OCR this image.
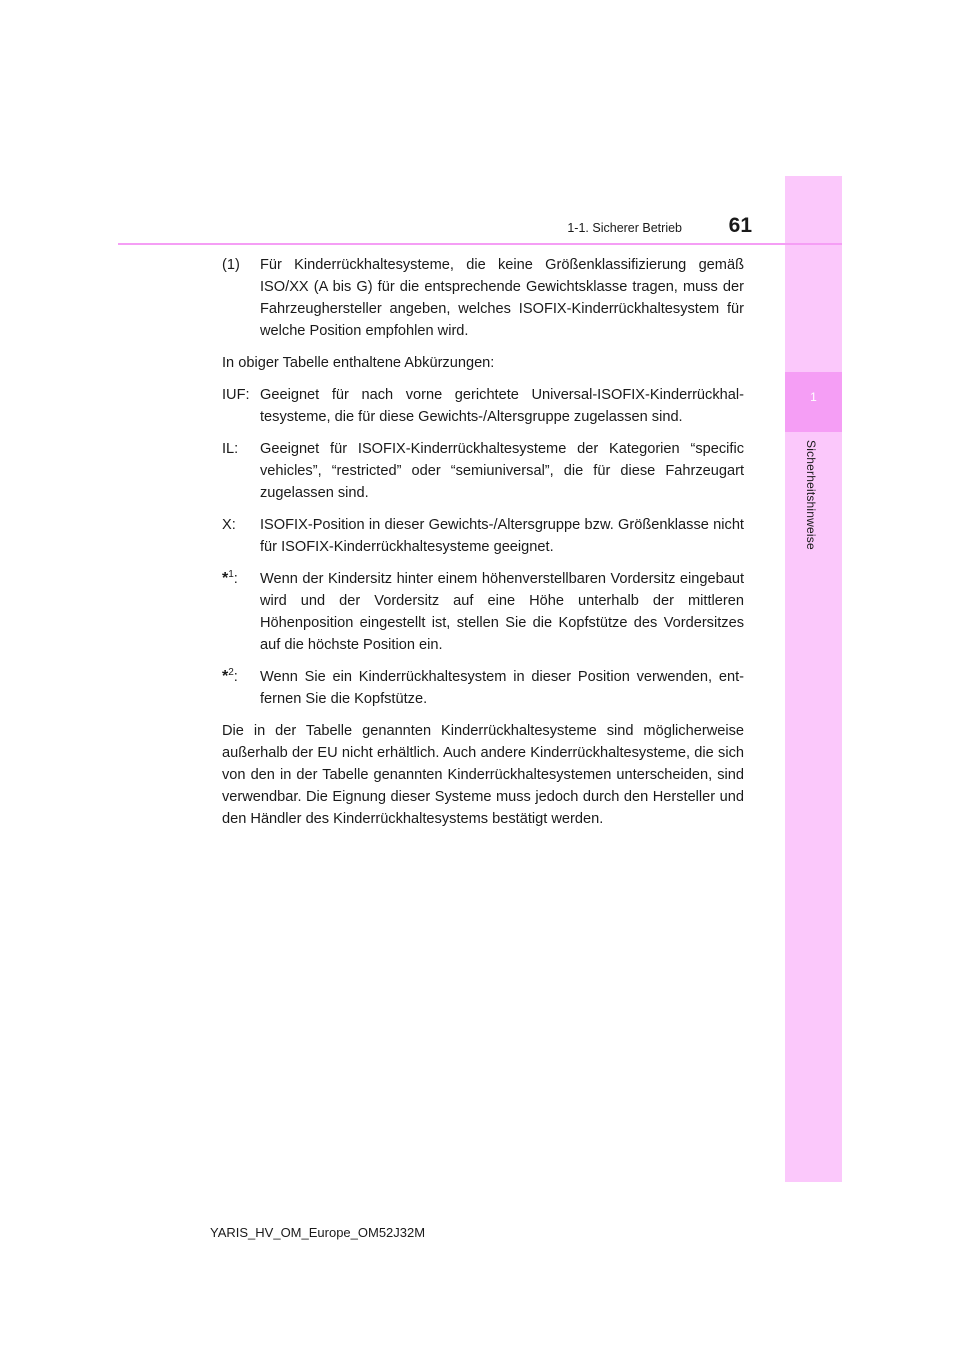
1
Sicherheitshinweise
1-1. Sicherer Betrieb	61
(1)	Für Kinderrückhaltesysteme, die keine Größenklassifizierung gemäß ISO/XX (A bis G) für die entsprechende Gewichtsklasse tragen, muss der Fahrzeughersteller angeben, welches ISOFIX-Kinderrückhaltesystem für welche Position empfohlen wird.

In obiger Tabelle enthaltene Abkürzungen:

IUF: Geeignet für nach vorne gerichtete Universal-ISOFIX-Kinderrückhaltesysteme, die für diese Gewichts-/Altersgruppe zugelassen sind.
IL:	Geeignet für ISOFIX-Kinderrückhaltesysteme der Kategorien “specific vehicles”, “restricted” oder “semiuniversal”, die für diese Fahrzeugart zugelassen sind.
X:	ISOFIX-Position in dieser Gewichts-/Altersgruppe bzw. Größenklasse nicht für ISOFIX-Kinderrückhaltesysteme geeignet.
*$^1$:	Wenn der Kindersitz hinter einem höhenverstellbaren Vordersitz eingebaut wird und der Vordersitz auf eine Höhe unterhalb der mittleren Höhenposition eingestellt ist, stellen Sie die Kopfstütze des Vordersitzes auf die höchste Position ein.
*$^2$:	Wenn Sie ein Kinderrückhaltesystem in dieser Position verwenden, entfernen Sie die Kopfstütze.

Die in der Tabelle genannten Kinderrückhaltesysteme sind möglicherweise außerhalb der EU nicht erhältlich. Auch andere Kinderrückhaltesysteme, die sich von den in der Tabelle genannten Kinderrückhaltesystemen unterscheiden, sind verwendbar. Die Eignung dieser Systeme muss jedoch durch den Hersteller und den Händler des Kinderrückhaltesystems bestätigt werden.

YARIS_HV_OM_Europe_OM52J32M
